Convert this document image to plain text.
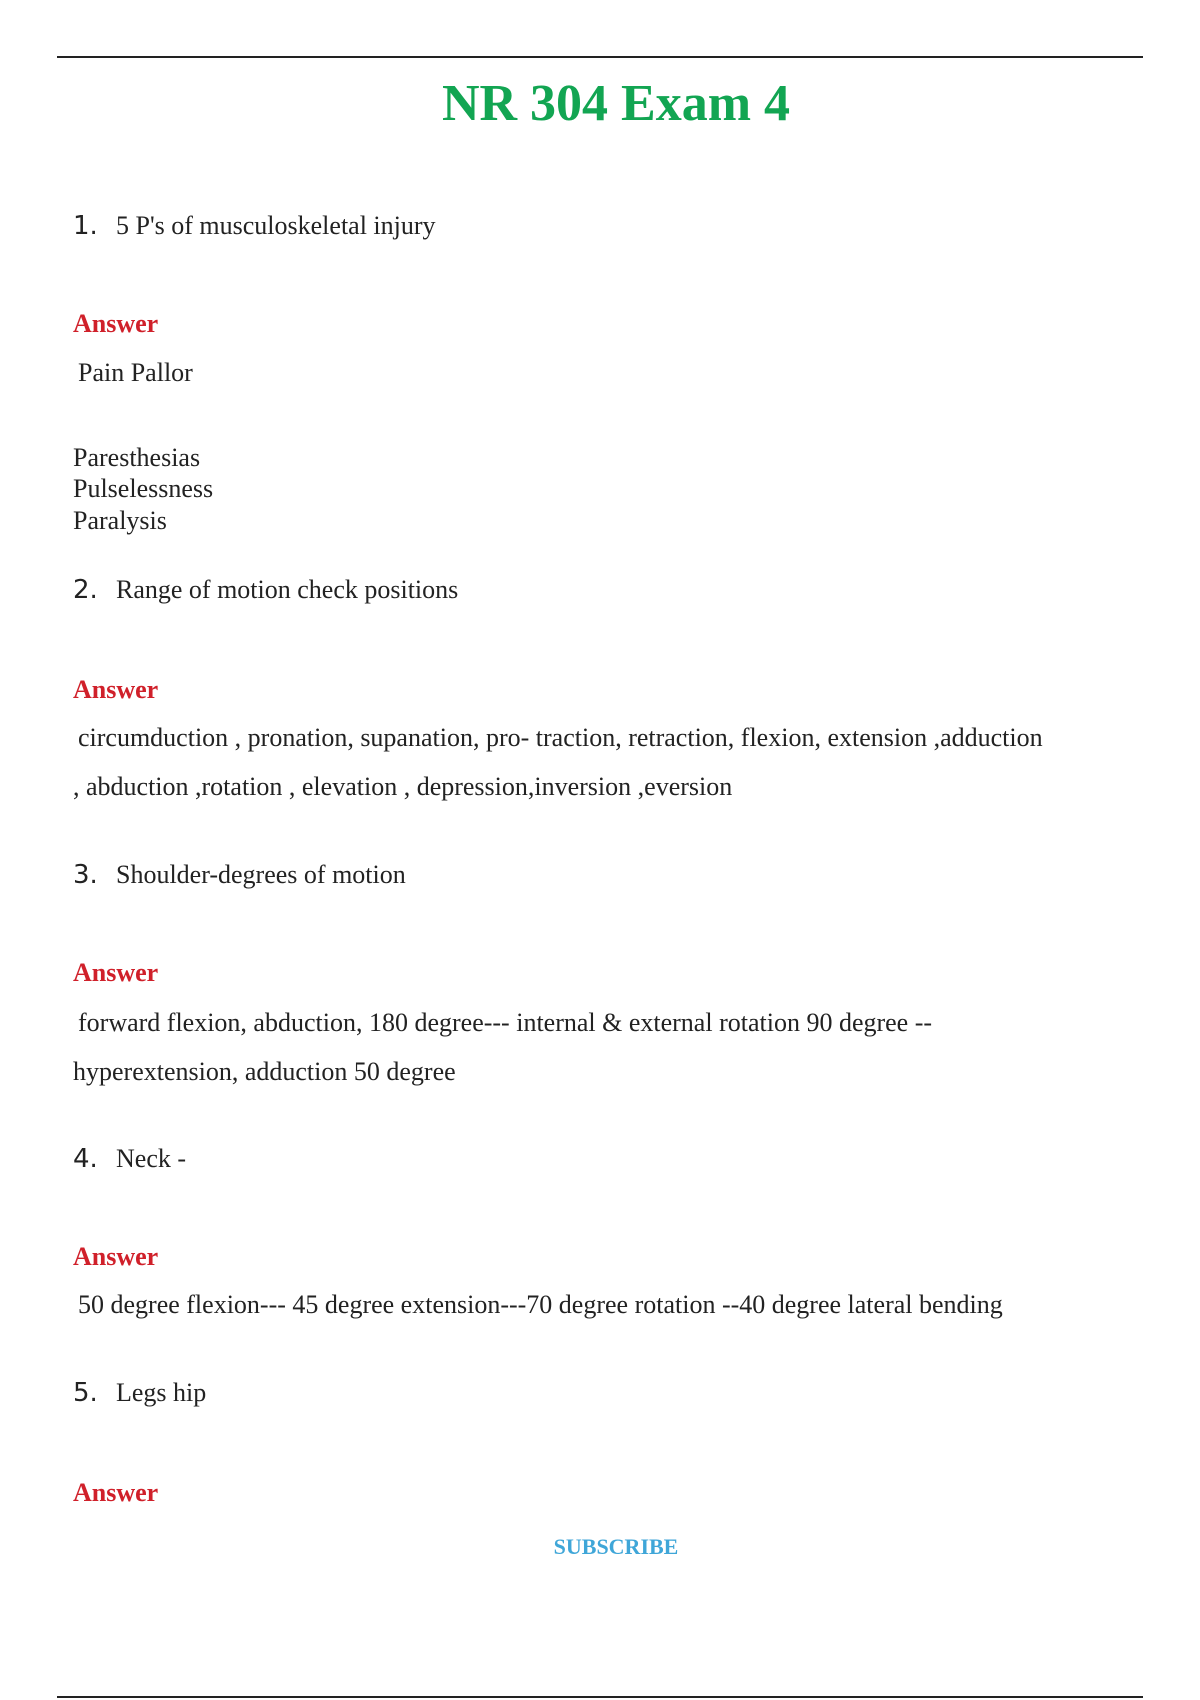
NR 304 Exam 4
1. 5 P's of musculoskeletal injury
Answer
Pain Pallor
Paresthesias
Pulselessness
Paralysis
2. Range of motion check positions
Answer
circumduction , pronation, supanation, pro- traction, retraction, flexion, extension ,adduction
, abduction ,rotation , elevation , depression,inversion ,eversion
3. Shoulder-degrees of motion
Answer
forward flexion, abduction, 180 degree--- internal & external rotation 90 degree --
hyperextension, adduction 50 degree
4. Neck -
Answer
50 degree flexion--- 45 degree extension---70 degree rotation --40 degree lateral bending
5. Legs hip
Answer
SUBSCRIBE
